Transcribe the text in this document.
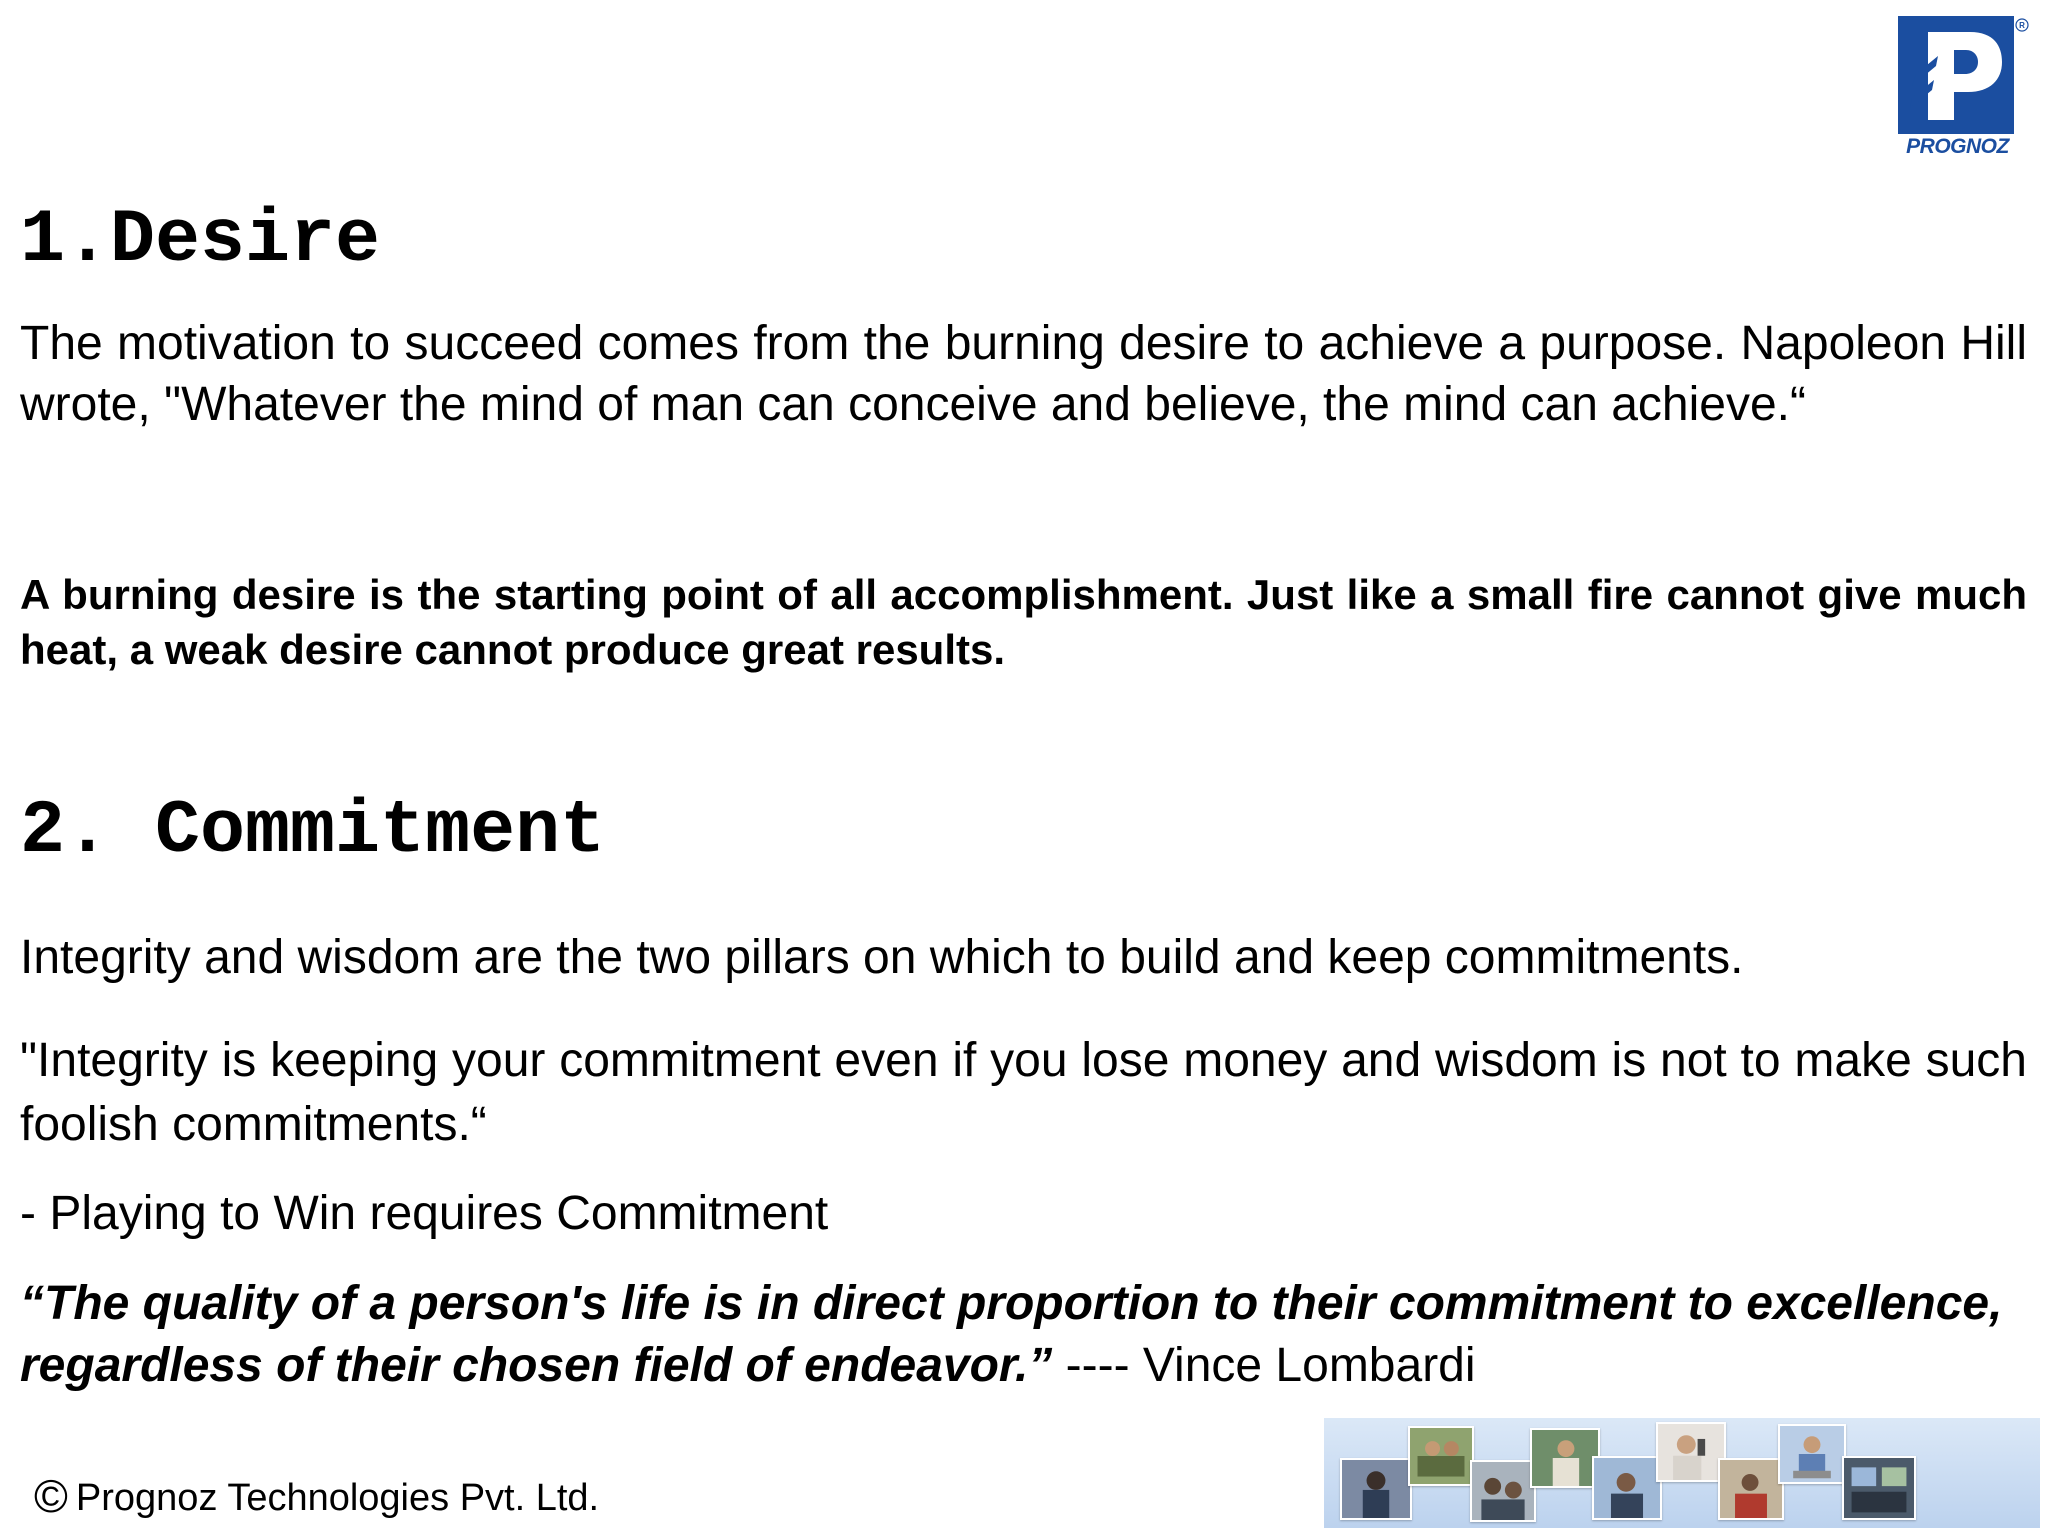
R
PROGNOZ
1.Desire

The motivation to succeed comes from the burning desire to achieve a purpose. Napoleon Hill wrote, "Whatever the mind of man can conceive and believe, the mind can achieve.“

A burning desire is the starting point of all accomplishment. Just like a small fire cannot give much heat, a weak desire cannot produce great results.

2. Commitment

Integrity and wisdom are the two pillars on which to build and keep commitments.

"Integrity is keeping your commitment even if you lose money and wisdom is not to make such foolish commitments.“

- Playing to Win requires Commitment

“The quality of a person's life is in direct proportion to their commitment to excellence, regardless of their chosen field of endeavor.” ---- Vince Lombardi

© Prognoz Technologies Pvt. Ltd.
